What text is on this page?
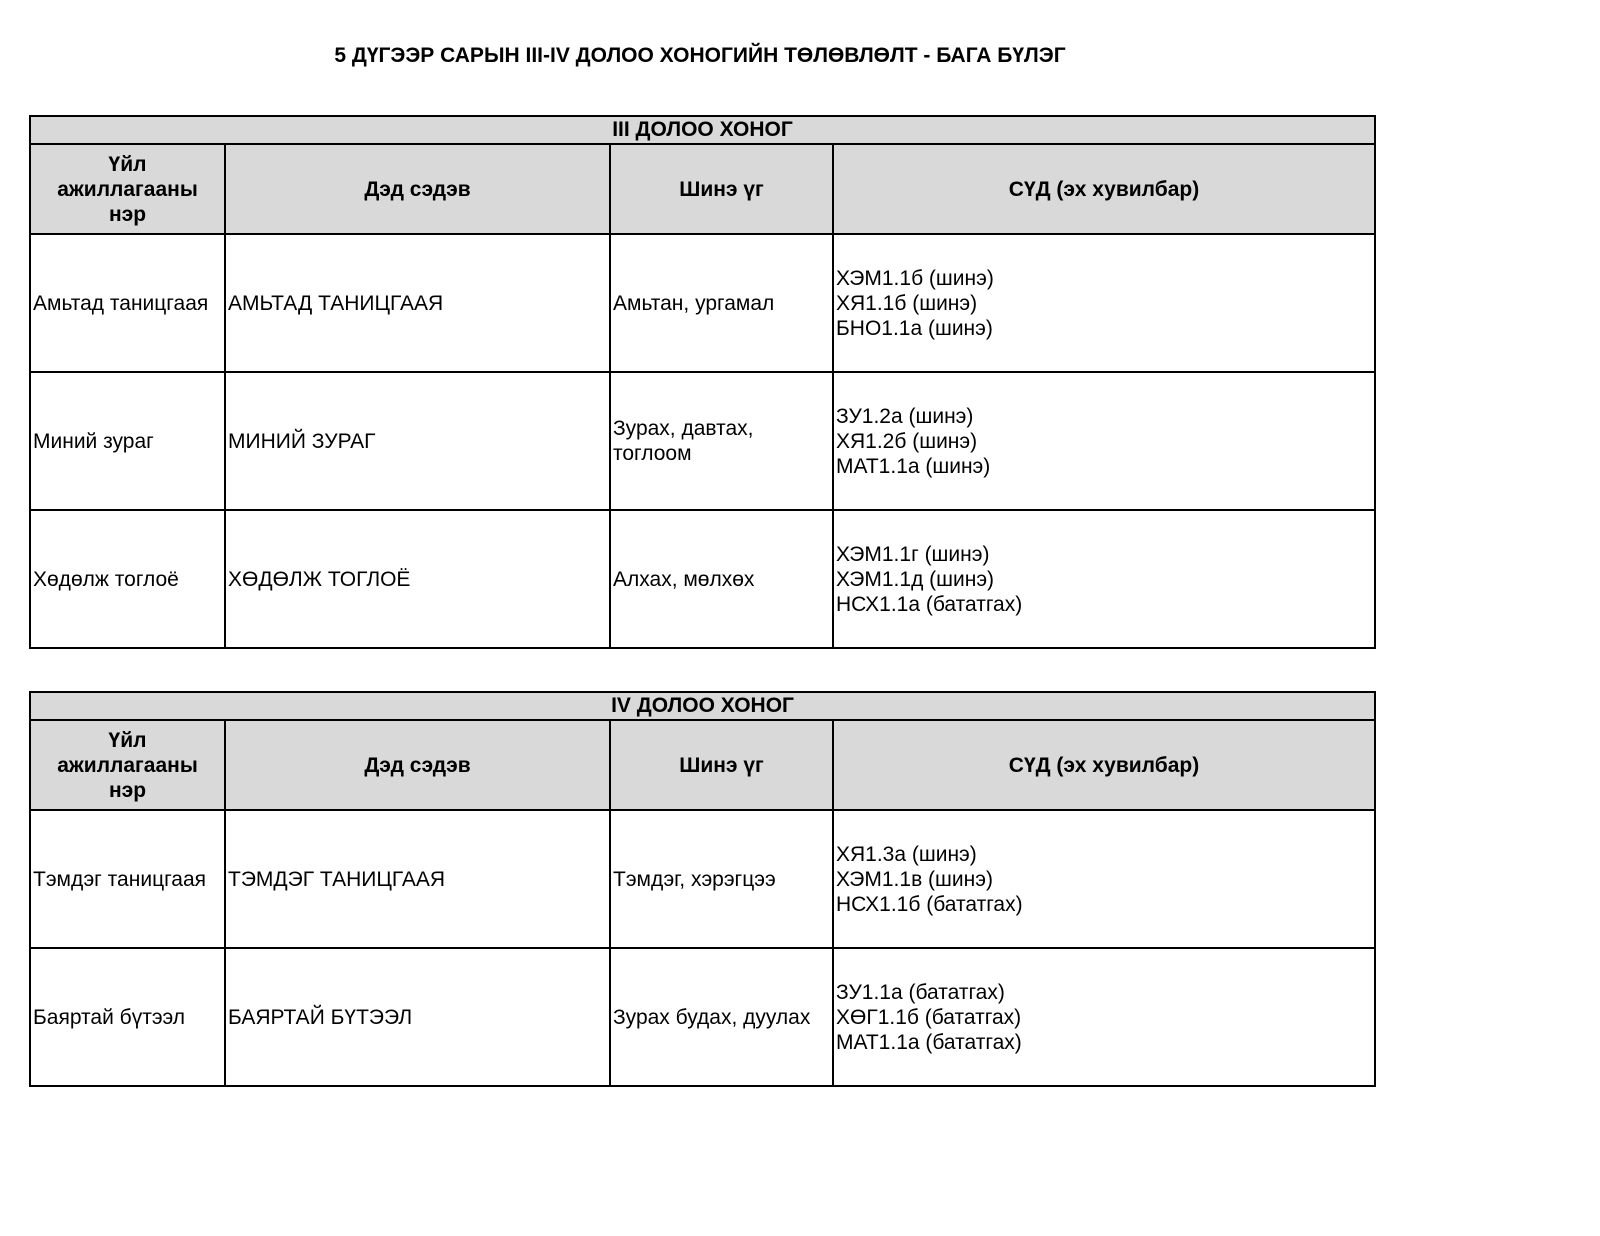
5 ДҮГЭЭР САРЫН III-IV ДОЛОО ХОНОГИЙН ТӨЛӨВЛӨЛТ - БАГА БҮЛЭГ
III ДОЛОО ХОНОГ			

Үйл
ажиллагааны
нэр	Дэд сэдэв	Шинэ үг	СҮД (эх хувилбар)
Амьтад таницгаая	АМЬТАД ТАНИЦГААЯ	Амьтан, ургамал	ХЭМ1.1б (шинэ)
ХЯ1.1б (шинэ)
БНО1.1а (шинэ)

Миний зураг	МИНИЙ ЗУРАГ	Зурах, давтах,
тоглоом	ЗУ1.2а (шинэ)
ХЯ1.2б (шинэ)
МАТ1.1а (шинэ)

Хөдөлж тоглоё	ХӨДӨЛЖ ТОГЛОЁ	Алхах, мөлхөх	ХЭМ1.1г (шинэ)
ХЭМ1.1д (шинэ)
НСХ1.1а (бататгах)
IV ДОЛОО ХОНОГ			

Үйл
ажиллагааны
нэр	Дэд сэдэв	Шинэ үг	СҮД (эх хувилбар)
Тэмдэг таницгаая	ТЭМДЭГ ТАНИЦГААЯ	Тэмдэг, хэрэгцээ	ХЯ1.3а (шинэ)
ХЭМ1.1в (шинэ)
НСХ1.1б (бататгах)

Баяртай бүтээл	БАЯРТАЙ БҮТЭЭЛ	Зурах будах, дуулах	ЗУ1.1а (бататгах)
ХӨГ1.1б (бататгах)
МАТ1.1а (бататгах)
